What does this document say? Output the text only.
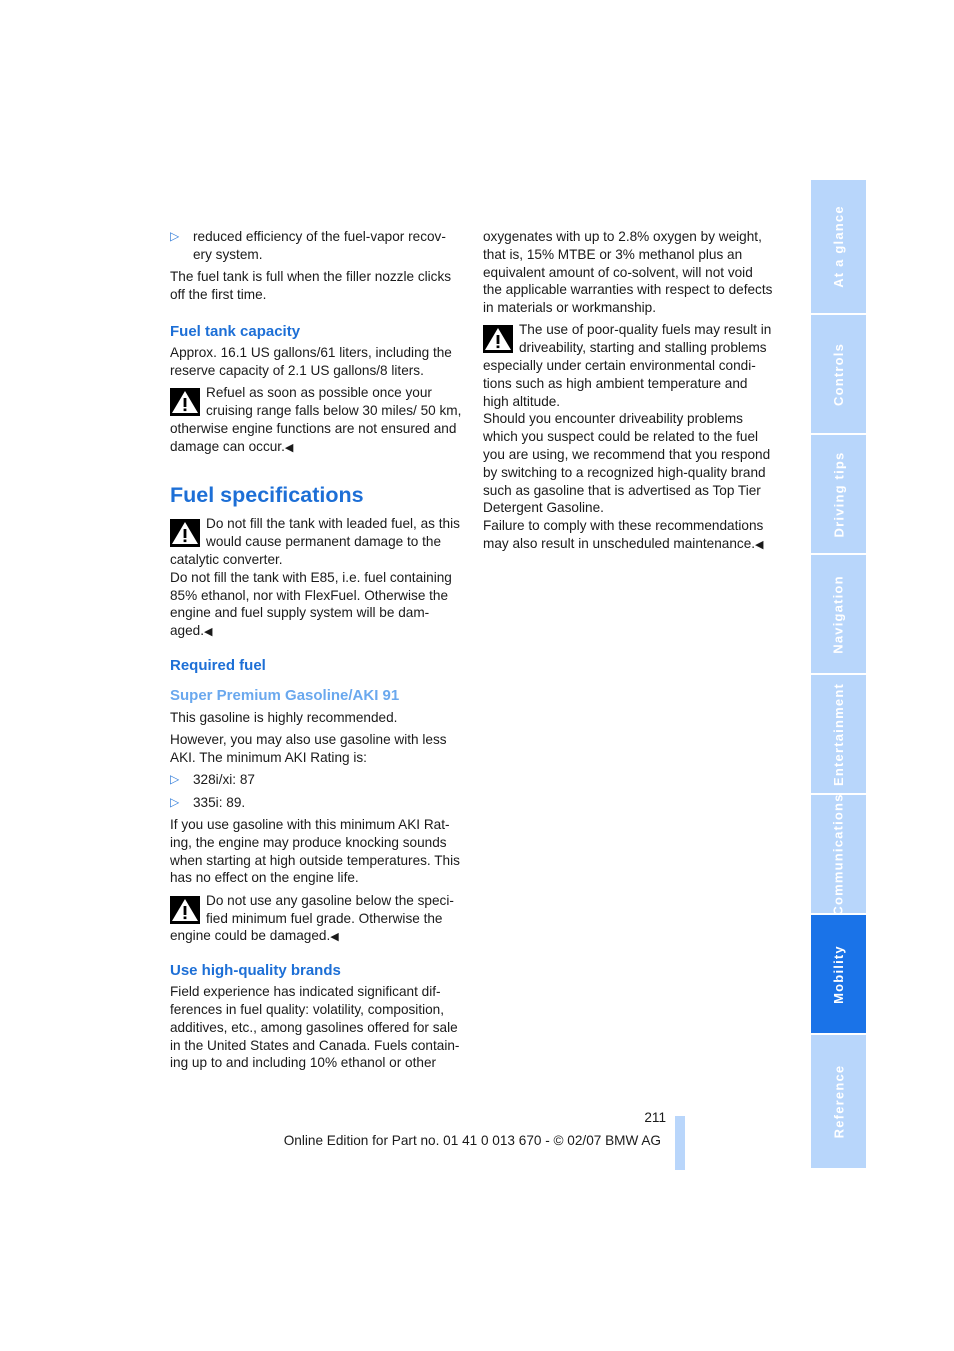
▷ reduced efficiency of the fuel-vapor recov-ery system.

The fuel tank is full when the filler nozzle clicks off the first time.

Fuel tank capacity

Approx. 16.1 US gallons/61 liters, including the reserve capacity of 2.1 US gallons/8 liters.

Refuel as soon as possible once your cruising range falls below 30 miles/ 50 km, otherwise engine functions are not ensured and damage can occur.◀
Fuel specifications
Do not fill the tank with leaded fuel, as this would cause permanent damage to the catalytic converter.
Do not fill the tank with E85, i.e. fuel containing 85% ethanol, nor with FlexFuel. Otherwise the engine and fuel supply system will be dam-aged.◀
Required fuel
Super Premium Gasoline/AKI 91

This gasoline is highly recommended.

However, you may also use gasoline with less AKI. The minimum AKI Rating is:

▷ 328i/xi: 87
▷ 335i: 89.

If you use gasoline with this minimum AKI Rat-ing, the engine may produce knocking sounds when starting at high outside temperatures. This has no effect on the engine life.

Do not use any gasoline below the speci-fied minimum fuel grade. Otherwise the engine could be damaged.◀
Use high-quality brands

Field experience has indicated significant dif-ferences in fuel quality: volatility, composition, additives, etc., among gasolines offered for sale in the United States and Canada. Fuels contain-ing up to and including 10% ethanol or other

oxygenates with up to 2.8% oxygen by weight, that is, 15% MTBE or 3% methanol plus an equivalent amount of co-solvent, will not void the applicable warranties with respect to defects in materials or workmanship.

The use of poor-quality fuels may result in driveability, starting and stalling problems especially under certain environmental condi-tions such as high ambient temperature and high altitude.
Should you encounter driveability problems which you suspect could be related to the fuel you are using, we recommend that you respond by switching to a recognized high-quality brand such as gasoline that is advertised as Top Tier Detergent Gasoline.
Failure to comply with these recommendations may also result in unscheduled maintenance.◀
211
Online Edition for Part no. 01 41 0 013 670 - © 02/07 BMW AG
At a glance
Controls
Driving tips
Navigation
Entertainment
Communications
Mobility
Reference
